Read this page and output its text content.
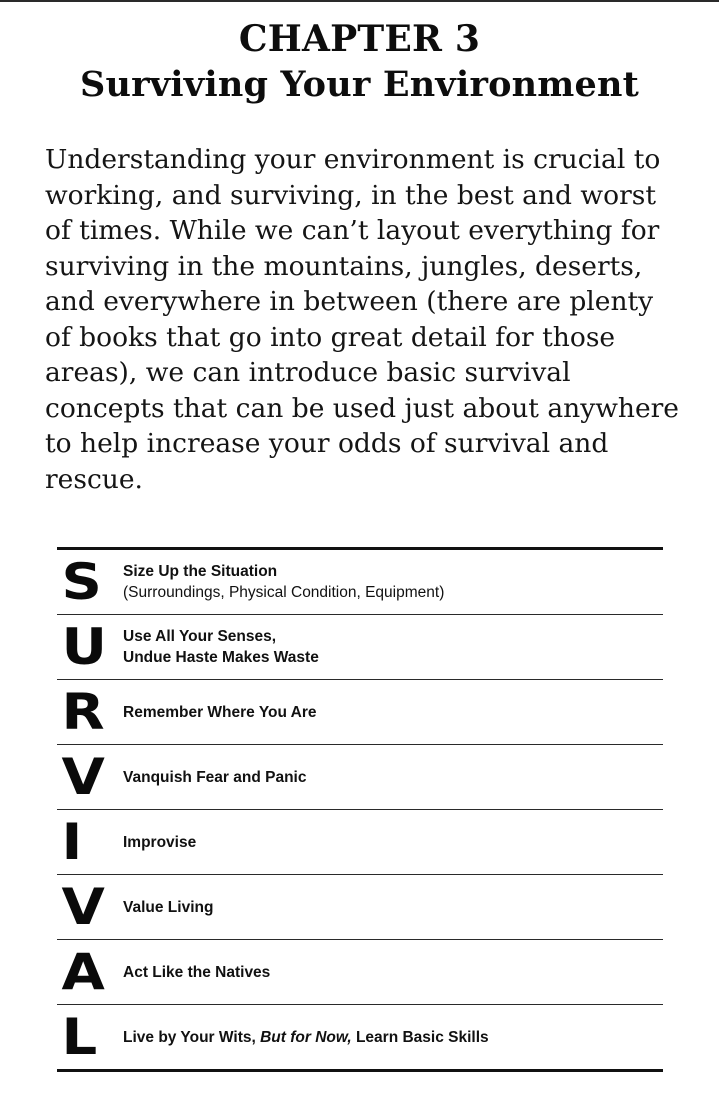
CHAPTER 3
Surviving Your Environment

Understanding your environment is crucial to working, and surviving, in the best and worst of times. While we can’t layout everything for surviving in the mountains, jungles, deserts, and everywhere in between (there are plenty of books that go into great detail for those areas), we can introduce basic survival concepts that can be used just about anywhere to help increase your odds of survival and rescue.

S	Size Up the Situation
(Surroundings, Physical Condition, Equipment)
U	Use All Your Senses,
Undue Haste Makes Waste
R	Remember Where You Are
V	Vanquish Fear and Panic
I	Improvise
V	Value Living
A	Act Like the Natives
L	Live by Your Wits, But for Now, Learn Basic Skills
